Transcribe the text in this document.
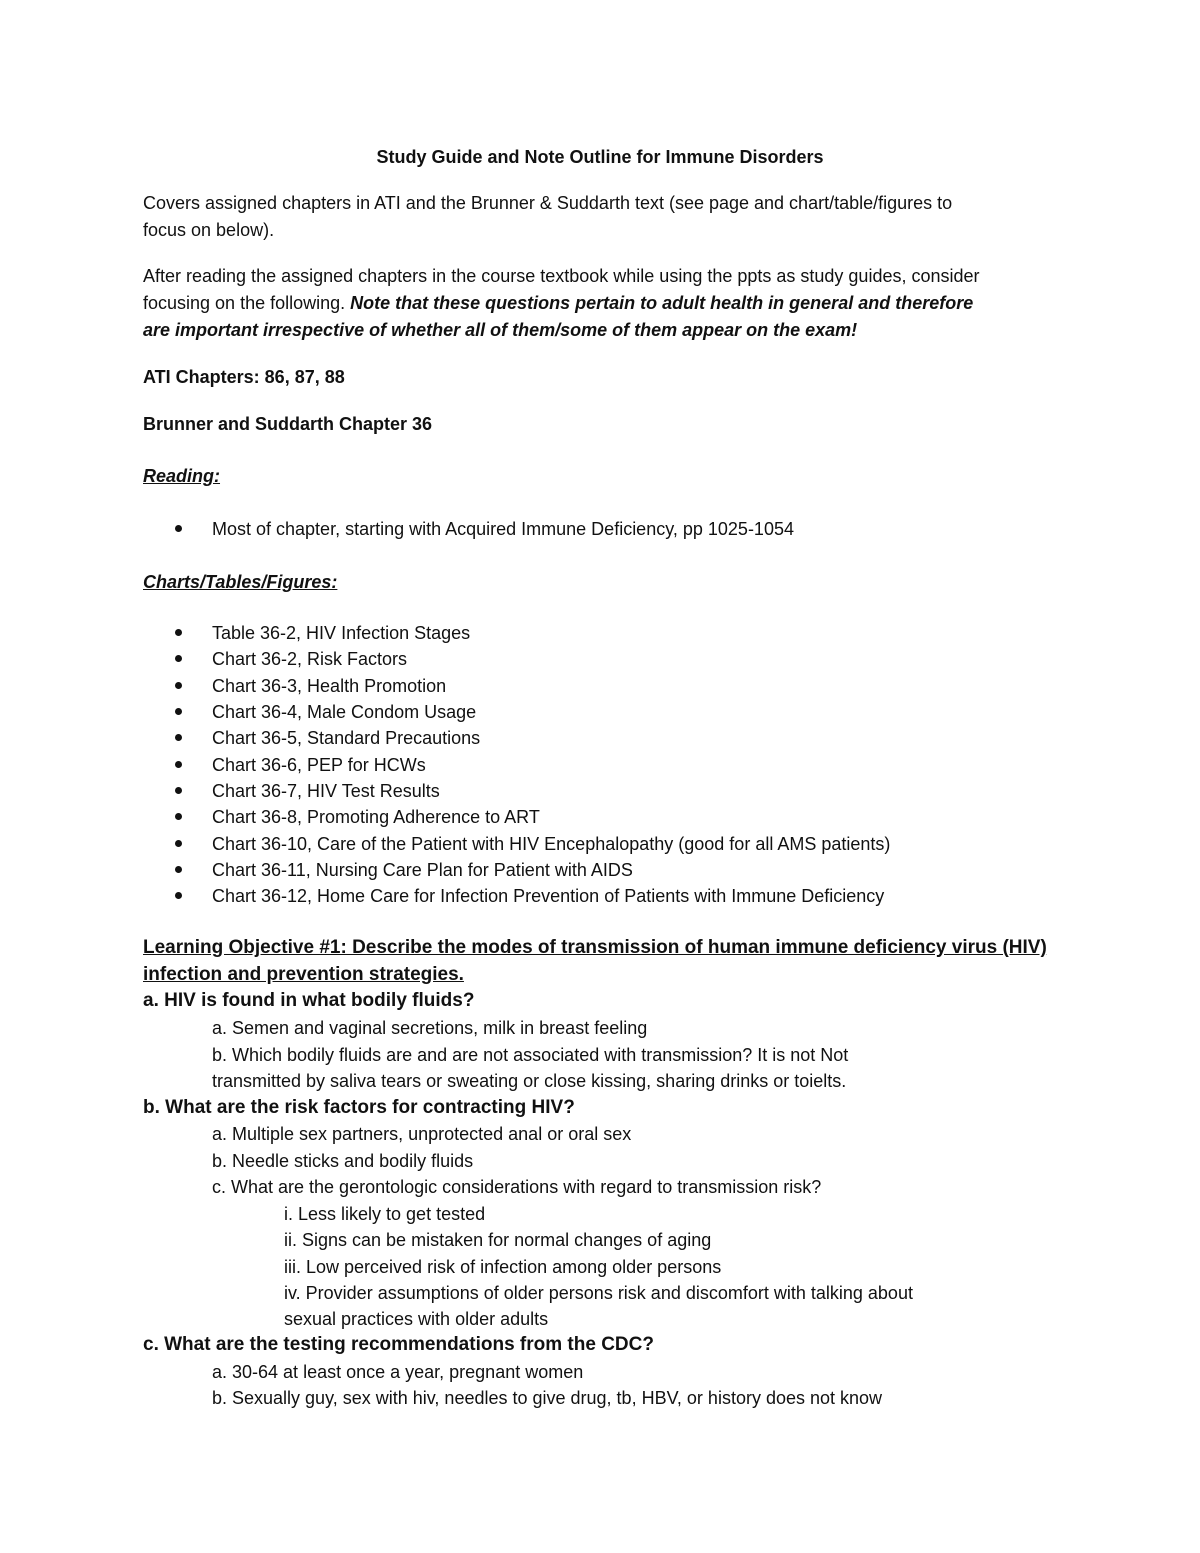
Study Guide and Note Outline for Immune Disorders
Covers assigned chapters in ATI and the Brunner & Suddarth text (see page and chart/table/figures to
focus on below).
After reading the assigned chapters in the course textbook while using the ppts as study guides, consider
focusing on the following. Note that these questions pertain to adult health in general and therefore
are important irrespective of whether all of them/some of them appear on the exam!
ATI Chapters: 86, 87, 88
Brunner and Suddarth Chapter 36
Reading:
Most of chapter, starting with Acquired Immune Deficiency, pp 1025-1054
Charts/Tables/Figures:
Table 36-2, HIV Infection Stages
Chart 36-2, Risk Factors
Chart 36-3, Health Promotion
Chart 36-4, Male Condom Usage
Chart 36-5, Standard Precautions
Chart 36-6, PEP for HCWs
Chart 36-7, HIV Test Results
Chart 36-8, Promoting Adherence to ART
Chart 36-10, Care of the Patient with HIV Encephalopathy (good for all AMS patients)
Chart 36-11, Nursing Care Plan for Patient with AIDS
Chart 36-12, Home Care for Infection Prevention of Patients with Immune Deficiency
Learning Objective #1: Describe the modes of transmission of human immune deficiency virus (HIV)
infection and prevention strategies.
a. HIV is found in what bodily fluids?
a. Semen and vaginal secretions, milk in breast feeling
b. Which bodily fluids are and are not associated with transmission? It is not Not
transmitted by saliva tears or sweating or close kissing, sharing drinks or toielts.
b. What are the risk factors for contracting HIV?
a. Multiple sex partners, unprotected anal or oral sex
b. Needle sticks and bodily fluids
c. What are the gerontologic considerations with regard to transmission risk?
i. Less likely to get tested
ii. Signs can be mistaken for normal changes of aging
iii. Low perceived risk of infection among older persons
iv. Provider assumptions of older persons risk and discomfort with talking about
sexual practices with older adults
c. What are the testing recommendations from the CDC?
a. 30-64 at least once a year, pregnant women
b. Sexually guy, sex with hiv, needles to give drug, tb, HBV, or history does not know
